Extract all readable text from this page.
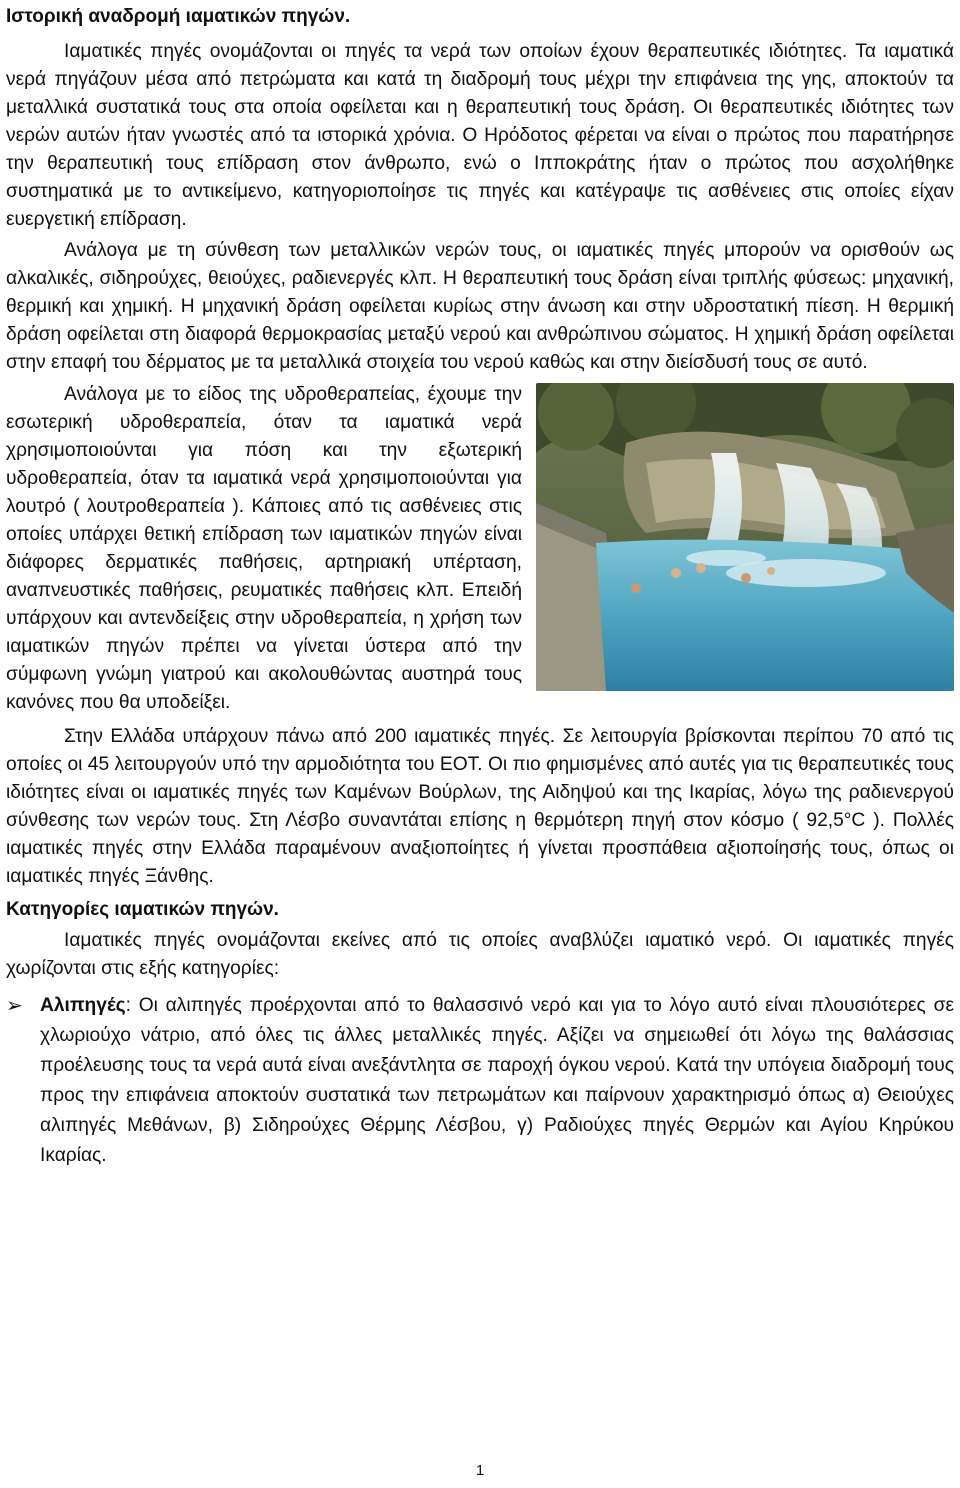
Ιστορική αναδρομή ιαματικών πηγών.

Ιαματικές πηγές ονομάζονται οι πηγές τα νερά των οποίων έχουν θεραπευτικές ιδιότητες. Τα ιαματικά νερά πηγάζουν μέσα από πετρώματα και κατά τη διαδρομή τους μέχρι την επιφάνεια της γης, αποκτούν τα μεταλλικά συστατικά τους στα οποία οφείλεται και η θεραπευτική τους δράση. Οι θεραπευτικές ιδιότητες των νερών αυτών ήταν γνωστές από τα ιστορικά χρόνια. Ο Ηρόδοτος φέρεται να είναι ο πρώτος που παρατήρησε την θεραπευτική τους επίδραση στον άνθρωπο, ενώ ο Ιπποκράτης ήταν ο πρώτος που ασχολήθηκε συστηματικά με το αντικείμενο, κατηγοριοποίησε τις πηγές και κατέγραψε τις ασθένειες στις οποίες είχαν ευεργετική επίδραση.

Ανάλογα με τη σύνθεση των μεταλλικών νερών τους, οι ιαματικές πηγές μπορούν να ορισθούν ως αλκαλικές, σιδηρούχες, θειούχες, ραδιενεργές κλπ. Η θεραπευτική τους δράση είναι τριπλής φύσεως: μηχανική, θερμική και χημική. Η μηχανική δράση οφείλεται κυρίως στην άνωση και στην υδροστατική πίεση. Η θερμική δράση οφείλεται στη διαφορά θερμοκρασίας μεταξύ νερού και ανθρώπινου σώματος. Η χημική δράση οφείλεται στην επαφή του δέρματος με τα μεταλλικά στοιχεία του νερού καθώς και στην διείσδυσή τους σε αυτό.

Ανάλογα με το είδος της υδροθεραπείας, έχουμε την εσωτερική υδροθεραπεία, όταν τα ιαματικά νερά χρησιμοποιούνται για πόση και την εξωτερική υδροθεραπεία, όταν τα ιαματικά νερά χρησιμοποιούνται για λουτρό ( λουτροθεραπεία ). Κάποιες από τις ασθένειες στις οποίες υπάρχει θετική επίδραση των ιαματικών πηγών είναι διάφορες δερματικές παθήσεις, αρτηριακή υπέρταση, αναπνευστικές παθήσεις, ρευματικές παθήσεις κλπ. Επειδή υπάρχουν και αντενδείξεις στην υδροθεραπεία, η χρήση των ιαματικών πηγών πρέπει να γίνεται ύστερα από την σύμφωνη γνώμη γιατρού και ακολουθώντας αυστηρά τους κανόνες που θα υποδείξει.

Στην Ελλάδα υπάρχουν πάνω από 200 ιαματικές πηγές. Σε λειτουργία βρίσκονται περίπου 70 από τις οποίες οι 45 λειτουργούν υπό την αρμοδιότητα του ΕΟΤ. Οι πιο φημισμένες από αυτές για τις θεραπευτικές τους ιδιότητες είναι οι ιαματικές πηγές των Καμένων Βούρλων, της Αιδηψού και της Ικαρίας, λόγω της ραδιενεργού σύνθεσης των νερών τους. Στη Λέσβο συναντάται επίσης η θερμότερη πηγή στον κόσμο ( 92,5°C ). Πολλές ιαματικές πηγές στην Ελλάδα παραμένουν αναξιοποίητες ή γίνεται προσπάθεια αξιοποίησής τους, όπως οι ιαματικές πηγές Ξάνθης.

Κατηγορίες ιαματικών πηγών.

Ιαματικές πηγές ονομάζονται εκείνες από τις οποίες αναβλύζει ιαματικό νερό. Οι ιαματικές πηγές χωρίζονται στις εξής κατηγορίες:

➢ Αλιπηγές: Οι αλιπηγές προέρχονται από το θαλασσινό νερό και για το λόγο αυτό είναι πλουσιότερες σε χλωριούχο νάτριο, από όλες τις άλλες μεταλλικές πηγές. Αξίζει να σημειωθεί ότι λόγω της θαλάσσιας προέλευσης τους τα νερά αυτά είναι ανεξάντλητα σε παροχή όγκου νερού. Κατά την υπόγεια διαδρομή τους προς την επιφάνεια αποκτούν συστατικά των πετρωμάτων και παίρνουν χαρακτηρισμό όπως α) Θειούχες αλιπηγές Μεθάνων, β) Σιδηρούχες Θέρμης Λέσβου, γ) Ραδιούχες πηγές Θερμών και Αγίου Κηρύκου Ικαρίας.
1
